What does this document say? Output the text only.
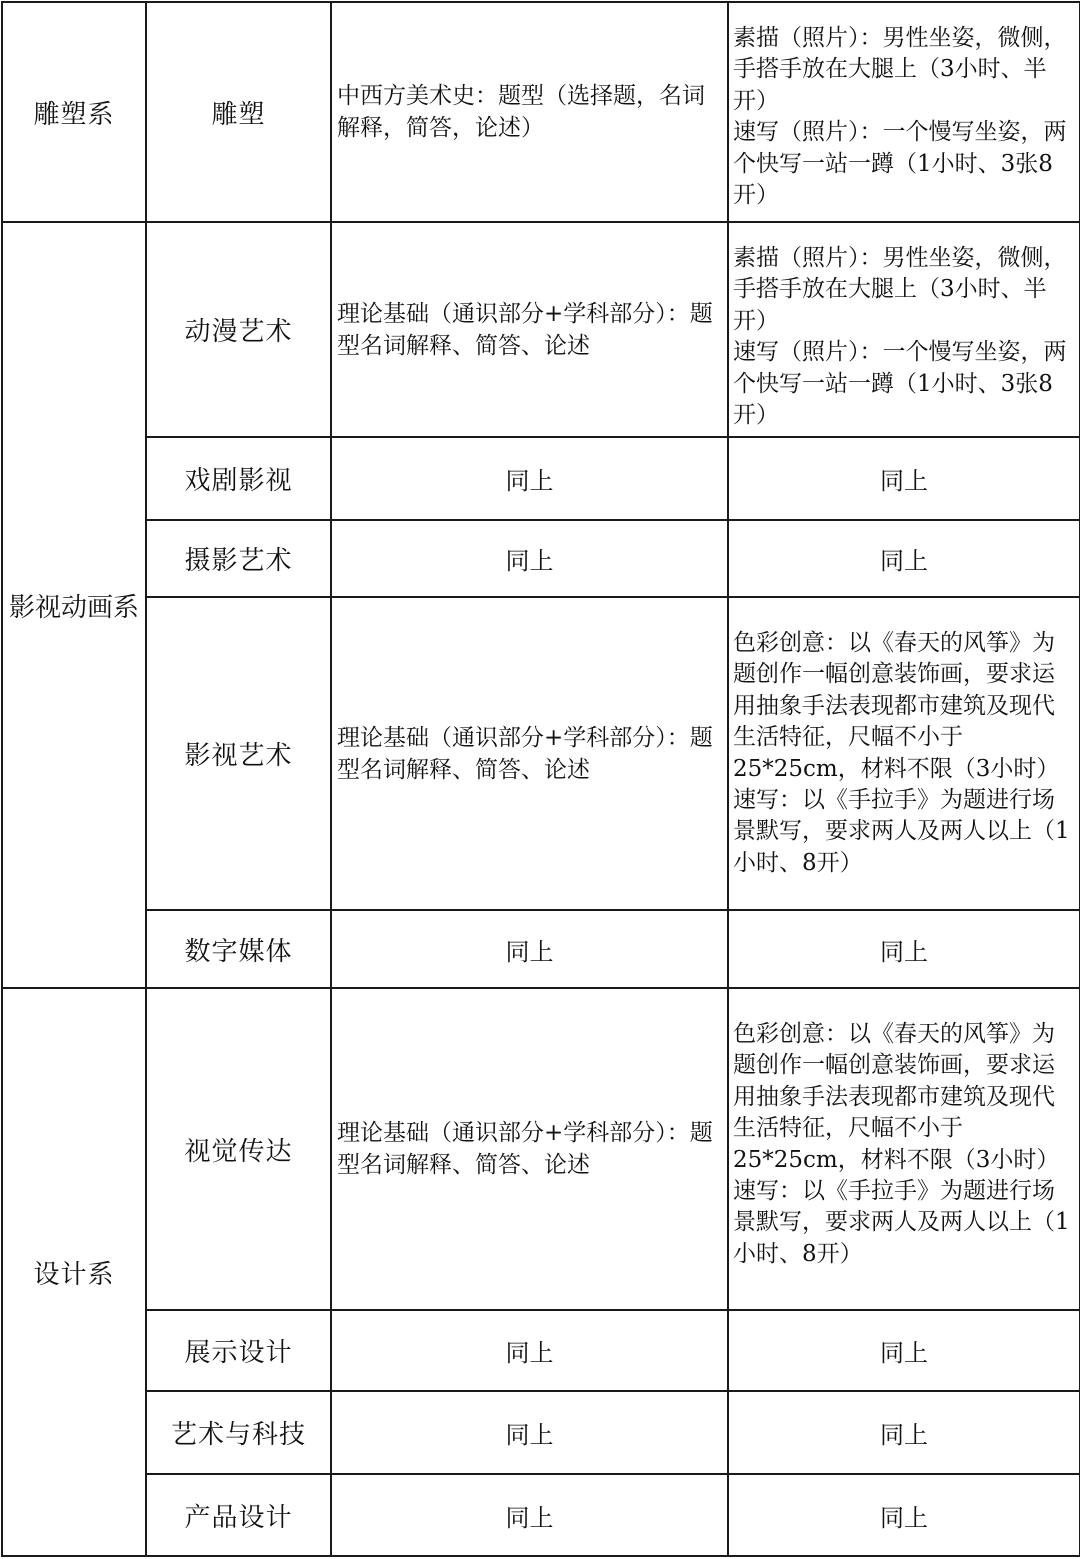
雕塑系	雕塑	中西方美术史：题型（选择题，名词解释，简答，论述）	素描（照片）：男性坐姿，微侧，手搭手放在大腿上（3小时、半开）
速写（照片）：一个慢写坐姿，两个快写一站一蹲（1小时、3张8开）
影视动画系	动漫艺术	理论基础（通识部分+学科部分）：题型名词解释、简答、论述	素描（照片）：男性坐姿，微侧，手搭手放在大腿上（3小时、半开）
速写（照片）：一个慢写坐姿，两个快写一站一蹲（1小时、3张8开）
	戏剧影视	同上	同上
	摄影艺术	同上	同上
	影视艺术	理论基础（通识部分+学科部分）：题型名词解释、简答、论述	色彩创意：以《春天的风筝》为题创作一幅创意装饰画，要求运用抽象手法表现都市建筑及现代生活特征，尺幅不小于25*25cm，材料不限（3小时）
速写：以《手拉手》为题进行场景默写，要求两人及两人以上（1小时、8开）
	数字媒体	同上	同上
设计系	视觉传达	理论基础（通识部分+学科部分）：题型名词解释、简答、论述	色彩创意：以《春天的风筝》为题创作一幅创意装饰画，要求运用抽象手法表现都市建筑及现代生活特征，尺幅不小于25*25cm，材料不限（3小时）
速写：以《手拉手》为题进行场景默写，要求两人及两人以上（1小时、8开）
	展示设计	同上	同上
	艺术与科技	同上	同上
	产品设计	同上	同上
